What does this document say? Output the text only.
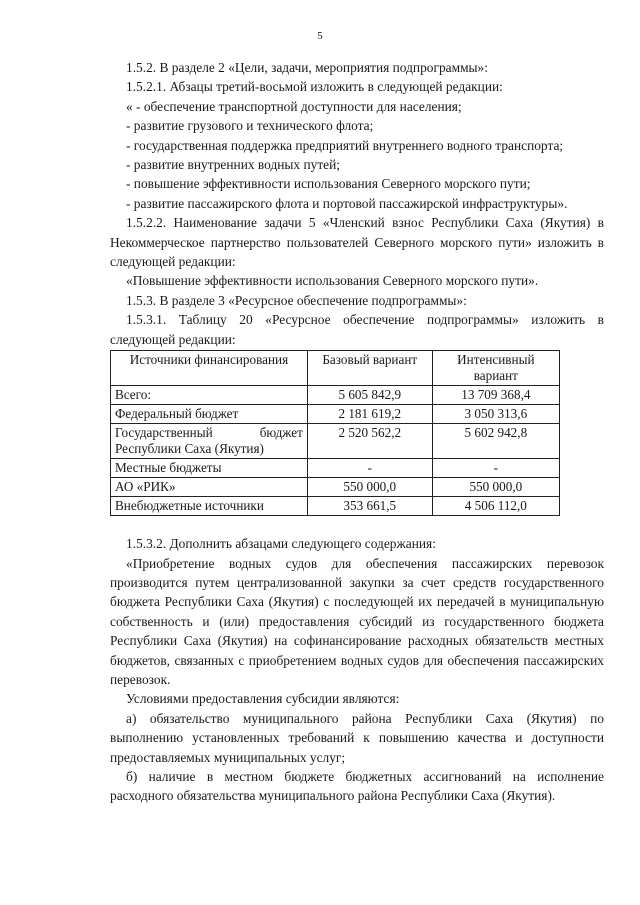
5

1.5.2. В разделе 2 «Цели, задачи, мероприятия подпрограммы»:

1.5.2.1. Абзацы третий-восьмой изложить в следующей редакции:

« - обеспечение транспортной доступности для населения;

- развитие грузового и технического флота;

- государственная поддержка предприятий внутреннего водного транспорта;

- развитие внутренних водных путей;

- повышение эффективности использования Северного морского пути;

- развитие пассажирского флота и портовой пассажирской инфраструктуры».

1.5.2.2. Наименование задачи 5 «Членский взнос Республики Саха (Якутия) в Некоммерческое партнерство пользователей Северного морского пути» изложить в следующей редакции:

«Повышение эффективности использования Северного морского пути».

1.5.3. В разделе 3 «Ресурсное обеспечение подпрограммы»:

1.5.3.1. Таблицу 20 «Ресурсное обеспечение подпрограммы» изложить в следующей редакции:

Источники финансирования	Базовый вариант	Интенсивный вариант
Всего:	5 605 842,9	13 709 368,4
Федеральный бюджет	2 181 619,2	3 050 313,6
Государственный бюджет Республики Саха (Якутия)	2 520 562,2	5 602 942,8
Местные бюджеты	-	-
АО «РИК»	550 000,0	550 000,0
Внебюджетные источники	353 661,5	4 506 112,0

1.5.3.2. Дополнить абзацами следующего содержания:

«Приобретение водных судов для обеспечения пассажирских перевозок производится путем централизованной закупки за счет средств государственного бюджета Республики Саха (Якутия) с последующей их передачей в муниципальную собственность и (или) предоставления субсидий из государственного бюджета Республики Саха (Якутия) на софинансирование расходных обязательств местных бюджетов, связанных с приобретением водных судов для обеспечения пассажирских перевозок.

Условиями предоставления субсидии являются:

а) обязательство муниципального района Республики Саха (Якутия) по выполнению установленных требований к повышению качества и доступности предоставляемых муниципальных услуг;

б) наличие в местном бюджете бюджетных ассигнований на исполнение расходного обязательства муниципального района Республики Саха (Якутия).
